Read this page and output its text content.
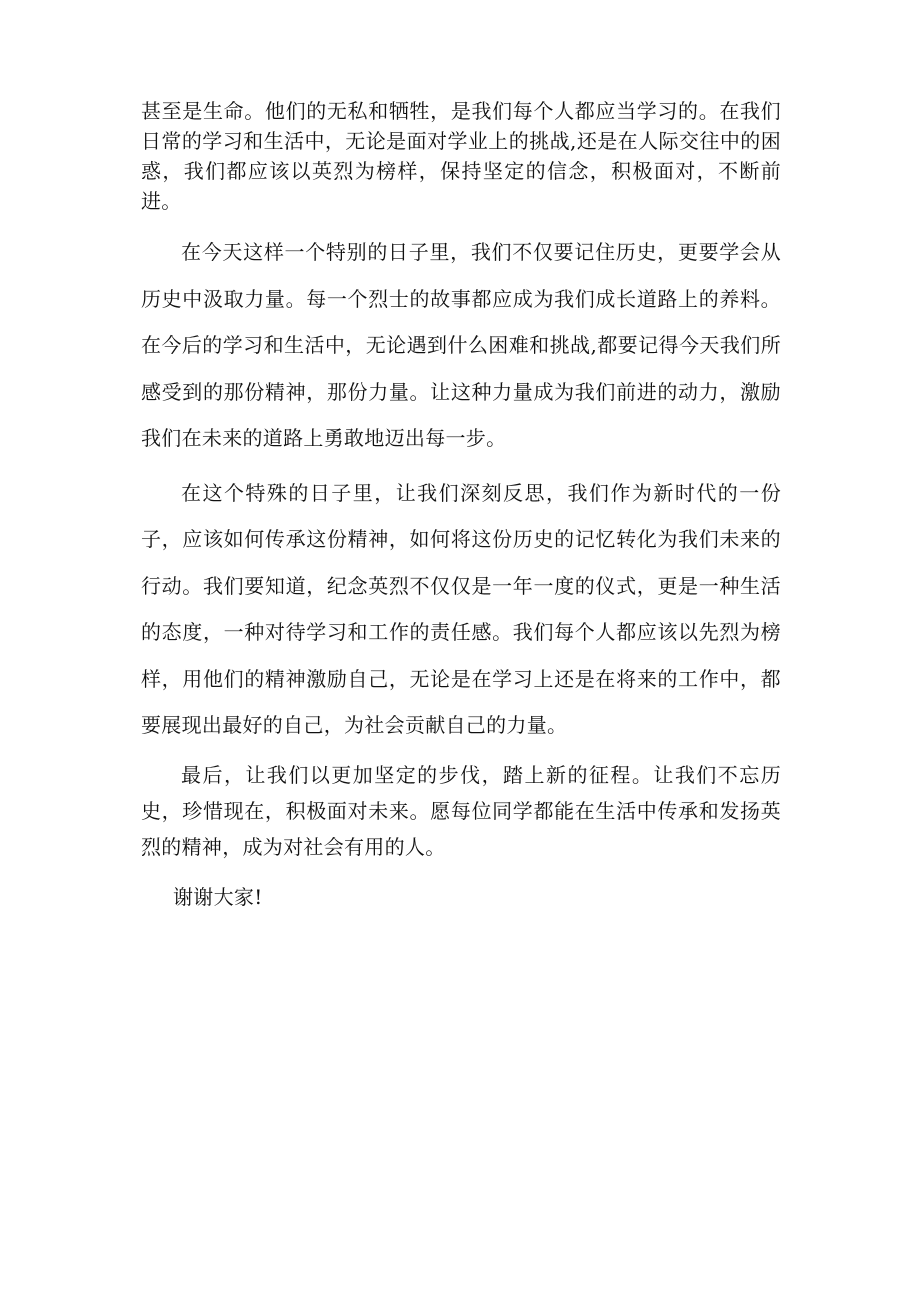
甚至是生命。他们的无私和牺牲，是我们每个人都应当学习的。在我们日常的学习和生活中，无论是面对学业上的挑战,还是在人际交往中的困惑，我们都应该以英烈为榜样，保持坚定的信念，积极面对，不断前进。

在今天这样一个特别的日子里，我们不仅要记住历史，更要学会从历史中汲取力量。每一个烈士的故事都应成为我们成长道路上的养料。在今后的学习和生活中，无论遇到什么困难和挑战,都要记得今天我们所感受到的那份精神，那份力量。让这种力量成为我们前进的动力，激励我们在未来的道路上勇敢地迈出每一步。

在这个特殊的日子里，让我们深刻反思，我们作为新时代的一份子，应该如何传承这份精神，如何将这份历史的记忆转化为我们未来的行动。我们要知道，纪念英烈不仅仅是一年一度的仪式，更是一种生活的态度，一种对待学习和工作的责任感。我们每个人都应该以先烈为榜样，用他们的精神激励自己，无论是在学习上还是在将来的工作中，都要展现出最好的自己，为社会贡献自己的力量。

最后，让我们以更加坚定的步伐，踏上新的征程。让我们不忘历史，珍惜现在，积极面对未来。愿每位同学都能在生活中传承和发扬英烈的精神，成为对社会有用的人。

谢谢大家!
